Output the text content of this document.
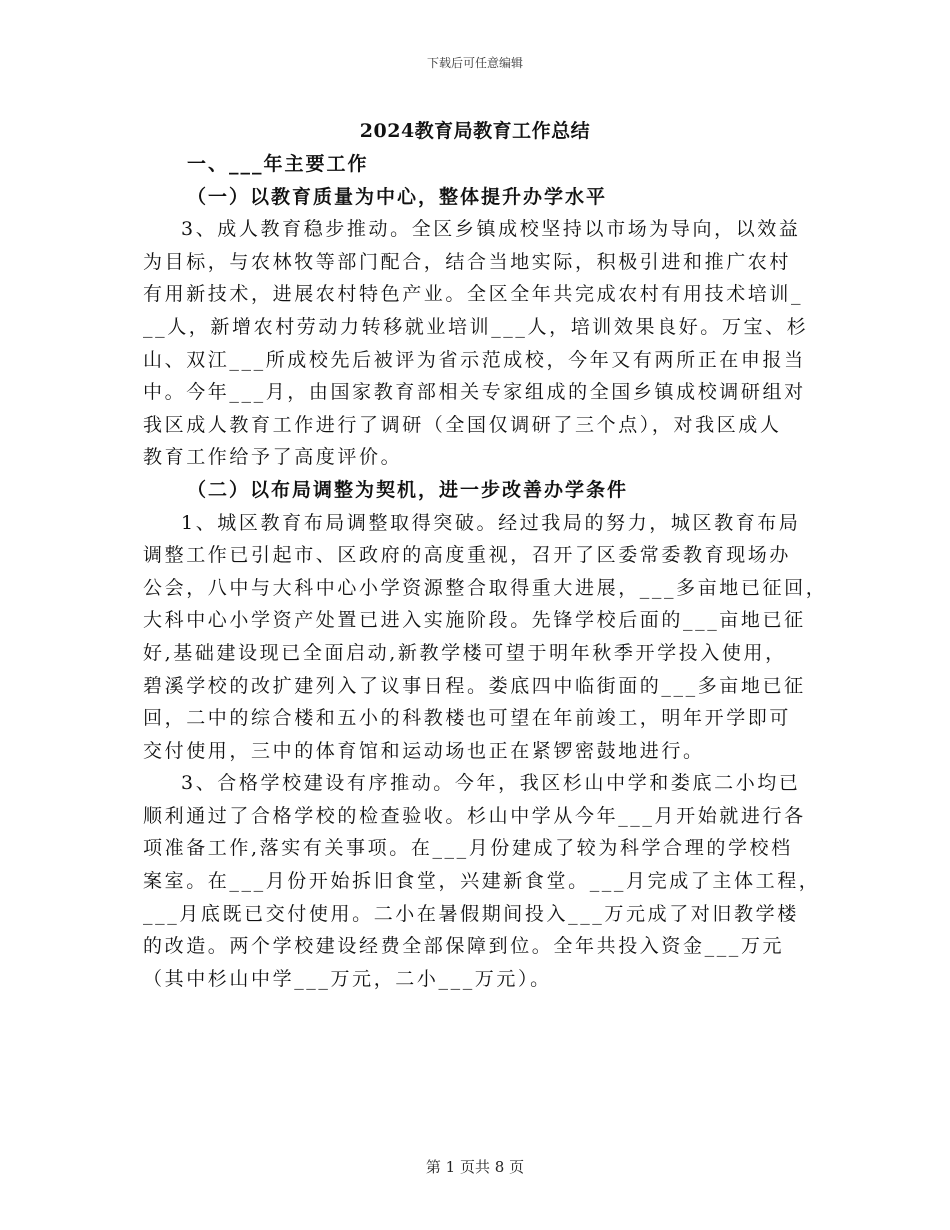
下载后可任意编辑
2024教育局教育工作总结
一、___年主要工作
（一）以教育质量为中心，整体提升办学水平
3、成人教育稳步推动。全区乡镇成校坚持以市场为导向，以效益
为目标，与农林牧等部门配合，结合当地实际，积极引进和推广农村
有用新技术，进展农村特色产业。全区全年共完成农村有用技术培训_
__人，新增农村劳动力转移就业培训___人，培训效果良好。万宝、杉
山、双江___所成校先后被评为省示范成校，今年又有两所正在申报当
中。今年___月，由国家教育部相关专家组成的全国乡镇成校调研组对
我区成人教育工作进行了调研（全国仅调研了三个点），对我区成人
教育工作给予了高度评价。
（二）以布局调整为契机，进一步改善办学条件
1、城区教育布局调整取得突破。经过我局的努力，城区教育布局
调整工作已引起市、区政府的高度重视，召开了区委常委教育现场办
公会，八中与大科中心小学资源整合取得重大进展，___多亩地已征回，
大科中心小学资产处置已进入实施阶段。先锋学校后面的___亩地已征
好,基础建设现已全面启动,新教学楼可望于明年秋季开学投入使用，
碧溪学校的改扩建列入了议事日程。娄底四中临街面的___多亩地已征
回，二中的综合楼和五小的科教楼也可望在年前竣工，明年开学即可
交付使用，三中的体育馆和运动场也正在紧锣密鼓地进行。
3、合格学校建设有序推动。今年，我区杉山中学和娄底二小均已
顺利通过了合格学校的检查验收。杉山中学从今年___月开始就进行各
项准备工作,落实有关事项。在___月份建成了较为科学合理的学校档
案室。在___月份开始拆旧食堂，兴建新食堂。___月完成了主体工程，
___月底既已交付使用。二小在暑假期间投入___万元成了对旧教学楼
的改造。两个学校建设经费全部保障到位。全年共投入资金___万元
（其中杉山中学___万元，二小___万元）。
第 1 页共 8 页
